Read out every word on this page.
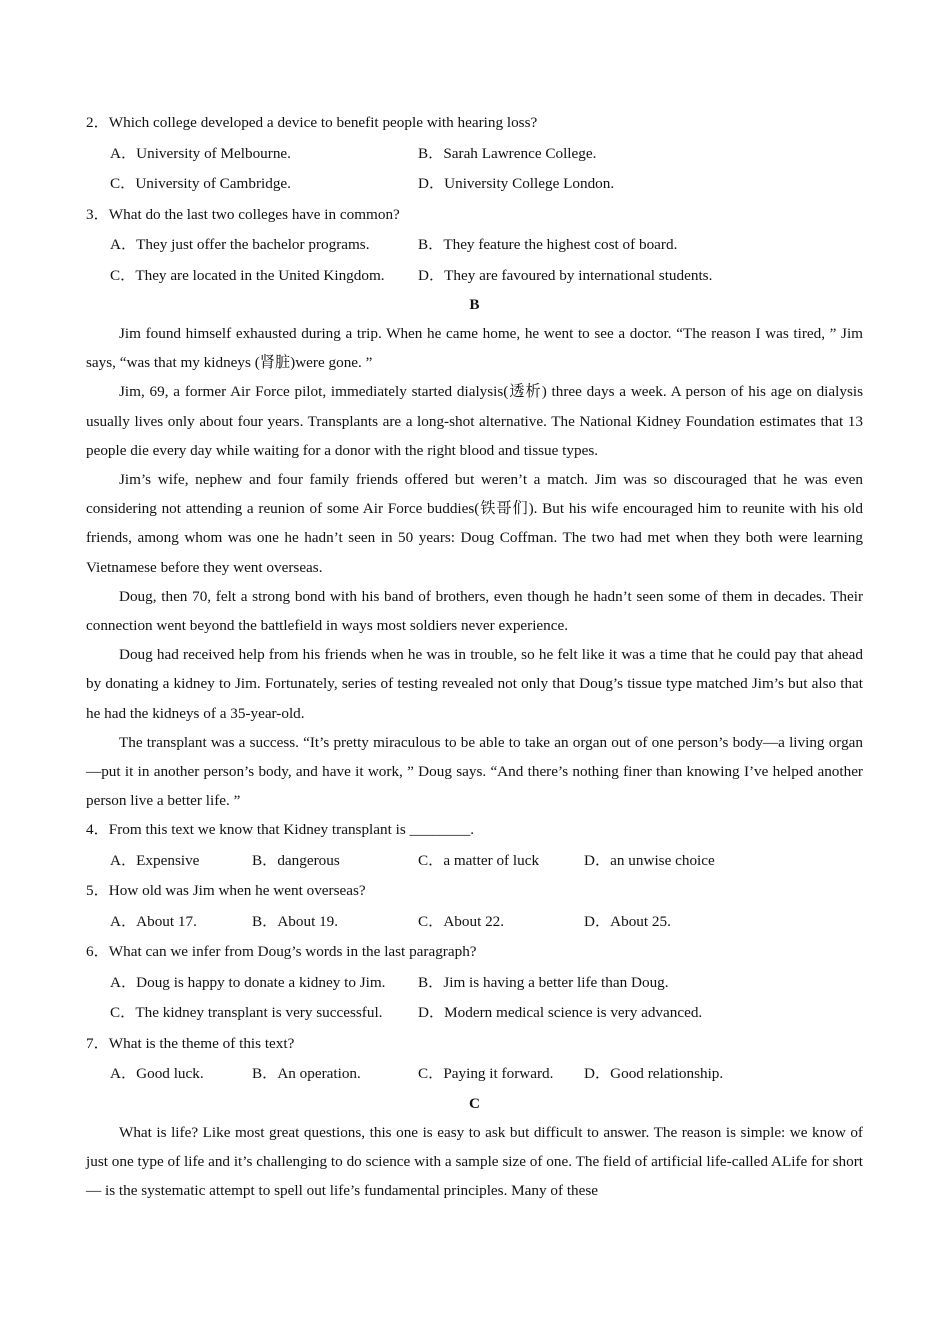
2．Which college developed a device to benefit people with hearing loss?
A．University of Melbourne.	B．Sarah Lawrence College.
C．University of Cambridge.	D．University College London.
3．What do the last two colleges have in common?
A．They just offer the bachelor programs.	B．They feature the highest cost of board.
C．They are located in the United Kingdom. D．They are favoured by international students.
B

Jim found himself exhausted during a trip. When he came home, he went to see a doctor. “The reason I was tired, ” Jim says, “was that my kidneys (肾脏)were gone. ”

Jim, 69, a former Air Force pilot, immediately started dialysis(透析) three days a week. A person of his age on dialysis usually lives only about four years. Transplants are a long-shot alternative. The National Kidney Foundation estimates that 13 people die every day while waiting for a donor with the right blood and tissue types.

Jim’s wife, nephew and four family friends offered but weren’t a match. Jim was so discouraged that he was even considering not attending a reunion of some Air Force buddies(铁哥们). But his wife encouraged him to reunite with his old friends, among whom was one he hadn’t seen in 50 years: Doug Coffman. The two had met when they both were learning Vietnamese before they went overseas.

Doug, then 70, felt a strong bond with his band of brothers, even though he hadn’t seen some of them in decades. Their connection went beyond the battlefield in ways most soldiers never experience.

Doug had received help from his friends when he was in trouble, so he felt like it was a time that he could pay that ahead by donating a kidney to Jim. Fortunately, series of testing revealed not only that Doug’s tissue type matched Jim’s but also that he had the kidneys of a 35-year-old.

The transplant was a success. “It’s pretty miraculous to be able to take an organ out of one person’s body—a living organ—put it in another person’s body, and have it work, ” Doug says. “And there’s nothing finer than knowing I’ve helped another person live a better life. ”

4．From this text we know that Kidney transplant is ________.
A．Expensive	B．dangerous	C．a matter of luck	D．an unwise choice
5．How old was Jim when he went overseas?
A．About 17.	B．About 19.	C．About 22.	D．About 25.
6．What can we infer from Doug’s words in the last paragraph?
A．Doug is happy to donate a kidney to Jim. B．Jim is having a better life than Doug.
C．The kidney transplant is very successful. D．Modern medical science is very advanced.
7．What is the theme of this text?
A．Good luck.	B．An operation.	C．Paying it forward. D．Good relationship.
C

What is life? Like most great questions, this one is easy to ask but difficult to answer. The reason is simple: we know of just one type of life and it’s challenging to do science with a sample size of one. The field of artificial life-called ALife for short — is the systematic attempt to spell out life’s fundamental principles. Many of these
